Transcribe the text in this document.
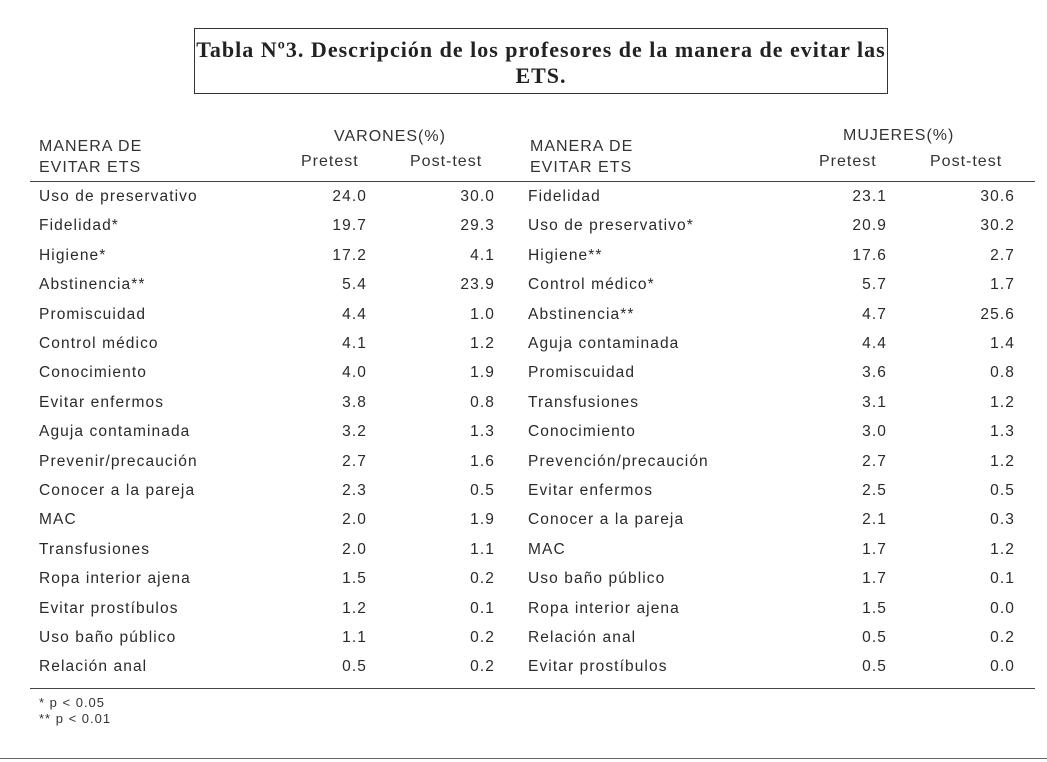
Tabla Nº3. Descripción de los profesores de la manera de evitar las ETS.
MANERA DE
EVITAR ETS
VARONES(%)
Pretest	Post-test
MANERA DE
EVITAR ETS
MUJERES(%)
Pretest	Post-test
Uso de preservativo	24.0	30.0
Fidelidad*	19.7	29.3
Higiene*	17.2	4.1
Abstinencia**	5.4	23.9
Promiscuidad	4.4	1.0
Control médico	4.1	1.2
Conocimiento	4.0	1.9
Evitar enfermos	3.8	0.8
Aguja contaminada	3.2	1.3
Prevenir/precaución	2.7	1.6
Conocer a la pareja	2.3	0.5
MAC	2.0	1.9
Transfusiones	2.0	1.1
Ropa interior ajena	1.5	0.2
Evitar prostíbulos	1.2	0.1
Uso baño público	1.1	0.2
Relación anal	0.5	0.2
Fidelidad	23.1	30.6
Uso de preservativo*	20.9	30.2
Higiene**	17.6	2.7
Control médico*	5.7	1.7
Abstinencia**	4.7	25.6
Aguja contaminada	4.4	1.4
Promiscuidad	3.6	0.8
Transfusiones	3.1	1.2
Conocimiento	3.0	1.3
Prevención/precaución	2.7	1.2
Evitar enfermos	2.5	0.5
Conocer a la pareja	2.1	0.3
MAC	1.7	1.2
Uso baño público	1.7	0.1
Ropa interior ajena	1.5	0.0
Relación anal	0.5	0.2
Evitar prostíbulos	0.5	0.0
* p < 0.05
** p < 0.01
